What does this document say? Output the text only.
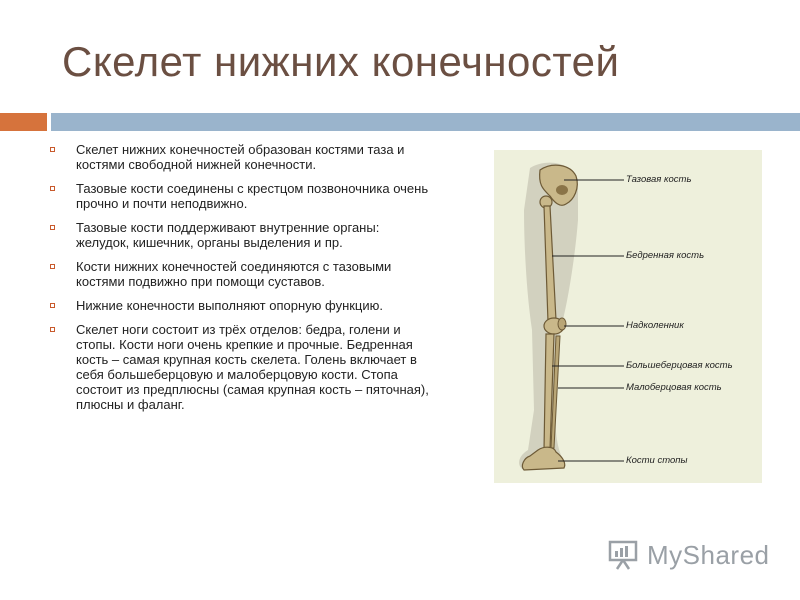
Скелет нижних конечностей
Скелет нижних конечностей образован костями таза и костями свободной нижней конечности.
Тазовые кости соединены с крестцом позвоночника очень прочно и почти неподвижно.
Тазовые кости поддерживают внутренние органы: желудок, кишечник, органы выделения и пр.
Кости нижних конечностей соединяются с тазовыми костями подвижно при помощи суставов.
Нижние конечности выполняют опорную функцию.
Скелет ноги состоит из трёх отделов: бедра, голени и стопы. Кости ноги очень крепкие и прочные. Бедренная кость – самая крупная кость скелета. Голень включает в себя большеберцовую и малоберцовую кости. Стопа состоит из предплюсны (самая крупная кость – пяточная), плюсны и фаланг.
Тазовая кость
Бедренная кость
Надколенник
Большеберцовая кость
Малоберцовая кость
Кости стопы
MyShared
